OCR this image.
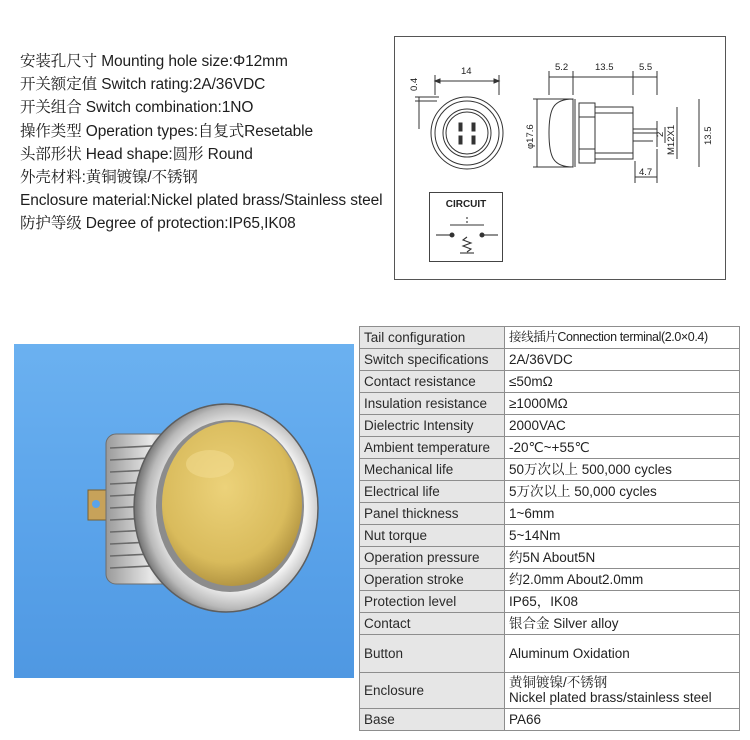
安装孔尺寸 Mounting hole size:Φ12mm
开关额定值 Switch rating:2A/36VDC
开关组合 Switch combination:1NO
操作类型 Operation types:自复式Resetable
头部形状 Head shape:圆形 Round
外壳材料:黄铜镀镍/不锈钢
Enclosure material:Nickel plated brass/Stainless steel
防护等级 Degree of protection:IP65,IK08
14
0.4
5.2	13.5	5.5
φ17.6	M12X1
2	13.5
4.7
CIRCUIT
Tail configuration	接线插片Connection terminal(2.0×0.4)
Switch specifications	2A/36VDC
Contact resistance	≤50mΩ
Insulation resistance	≥1000MΩ
Dielectric Intensity	2000VAC
Ambient temperature	-20℃~+55℃
Mechanical life	50万次以上 500,000 cycles
Electrical life	5万次以上 50,000 cycles
Panel thickness	1~6mm
Nut torque	5~14Nm
Operation pressure	约5N About5N
Operation stroke	约2.0mm About2.0mm
Protection level	IP65，IK08
Contact	银合金 Silver alloy
Button	Aluminum Oxidation
Enclosure	黄铜镀镍/不锈钢
Nickel plated brass/stainless steel

Base	PA66
